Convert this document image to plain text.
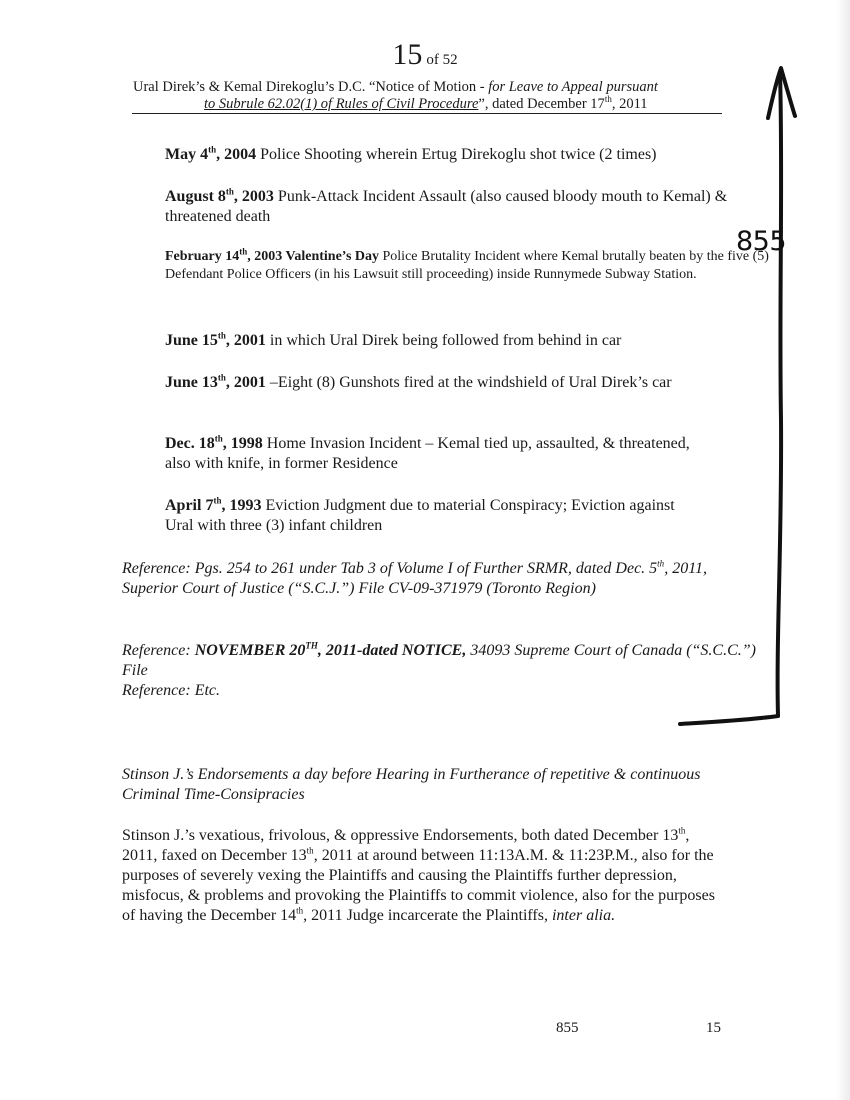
15 of 52
Ural Direk’s & Kemal Direkoglu’s D.C. “Notice of Motion - for Leave to Appeal pursuant
to Subrule 62.02(1) of Rules of Civil Procedure”, dated December 17th, 2011
May 4th, 2004 Police Shooting wherein Ertug Direkoglu shot twice (2 times)
August 8th, 2003 Punk-Attack Incident Assault (also caused bloody mouth to Kemal) & threatened death
February 14th, 2003 Valentine’s Day Police Brutality Incident where Kemal brutally beaten by the five (5) Defendant Police Officers (in his Lawsuit still proceeding) inside Runnymede Subway Station.
June 15th, 2001 in which Ural Direk being followed from behind in car
June 13th, 2001 –Eight (8) Gunshots fired at the windshield of Ural Direk’s car
Dec. 18th, 1998 Home Invasion Incident – Kemal tied up, assaulted, & threatened, also with knife, in former Residence
April 7th, 1993 Eviction Judgment due to material Conspiracy; Eviction against Ural with three (3) infant children
Reference: Pgs. 254 to 261 under Tab 3 of Volume I of Further SRMR, dated Dec. 5th, 2011, Superior Court of Justice (“S.C.J.”) File CV-09-371979 (Toronto Region)
Reference: NOVEMBER 20TH, 2011-dated NOTICE, 34093 Supreme Court of Canada (“S.C.C.”) File
Reference: Etc.
Stinson J.’s Endorsements a day before Hearing in Furtherance of repetitive & continuous Criminal Time-Consipracies
Stinson J.’s vexatious, frivolous, & oppressive Endorsements, both dated December 13th, 2011, faxed on December 13th, 2011 at around between 11:13A.M. & 11:23P.M., also for the purposes of severely vexing the Plaintiffs and causing the Plaintiffs further depression, misfocus, & problems and provoking the Plaintiffs to commit violence, also for the purposes of having the December 14th, 2011 Judge incarcerate the Plaintiffs, inter alia.
855	15
855
